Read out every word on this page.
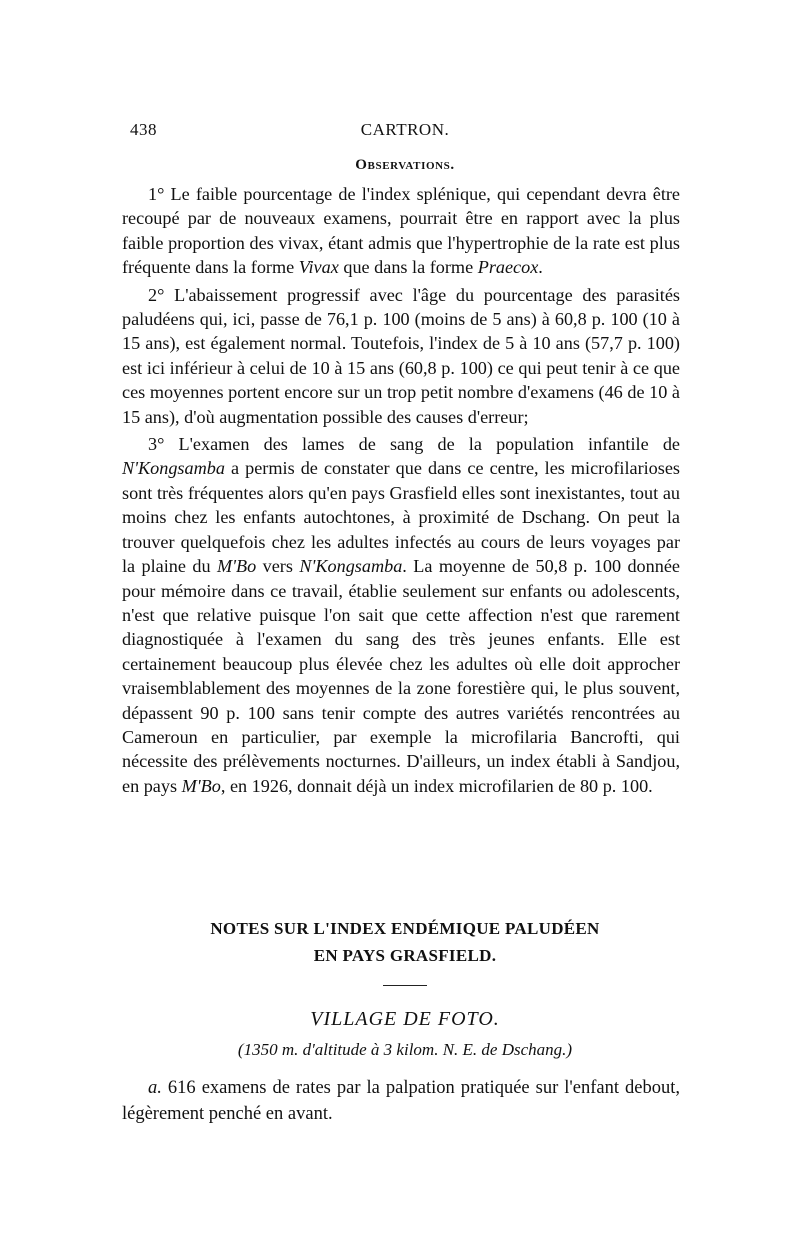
438	CARTRON.
Observations.

1° Le faible pourcentage de l'index splénique, qui cependant devra être recoupé par de nouveaux examens, pourrait être en rapport avec la plus faible proportion des vivax, étant admis que l'hypertrophie de la rate est plus fréquente dans la forme Vivax que dans la forme Praecox.

2° L'abaissement progressif avec l'âge du pourcentage des parasités paludéens qui, ici, passe de 76,1 p. 100 (moins de 5 ans) à 60,8 p. 100 (10 à 15 ans), est également normal. Toutefois, l'index de 5 à 10 ans (57,7 p. 100) est ici inférieur à celui de 10 à 15 ans (60,8 p. 100) ce qui peut tenir à ce que ces moyennes portent encore sur un trop petit nombre d'examens (46 de 10 à 15 ans), d'où augmentation possible des causes d'erreur;

3° L'examen des lames de sang de la population infantile de N'Kongsamba a permis de constater que dans ce centre, les microfilarioses sont très fréquentes alors qu'en pays Grasfield elles sont inexistantes, tout au moins chez les enfants autochtones, à proximité de Dschang. On peut la trouver quelquefois chez les adultes infectés au cours de leurs voyages par la plaine du M'Bo vers N'Kongsamba. La moyenne de 50,8 p. 100 donnée pour mémoire dans ce travail, établie seulement sur enfants ou adolescents, n'est que relative puisque l'on sait que cette affection n'est que rarement diagnostiquée à l'examen du sang des très jeunes enfants. Elle est certainement beaucoup plus élevée chez les adultes où elle doit approcher vraisemblablement des moyennes de la zone forestière qui, le plus souvent, dépassent 90 p. 100 sans tenir compte des autres variétés rencontrées au Cameroun en particulier, par exemple la microfilaria Bancrofti, qui nécessite des prélèvements nocturnes. D'ailleurs, un index établi à Sandjou, en pays M'Bo, en 1926, donnait déjà un index microfilarien de 80 p. 100.

NOTES SUR L'INDEX ENDÉMIQUE PALUDÉEN
EN PAYS GRASFIELD.
VILLAGE DE FOTO.
(1350 m. d'altitude à 3 kilom. N. E. de Dschang.)

a. 616 examens de rates par la palpation pratiquée sur l'enfant debout, légèrement penché en avant.
